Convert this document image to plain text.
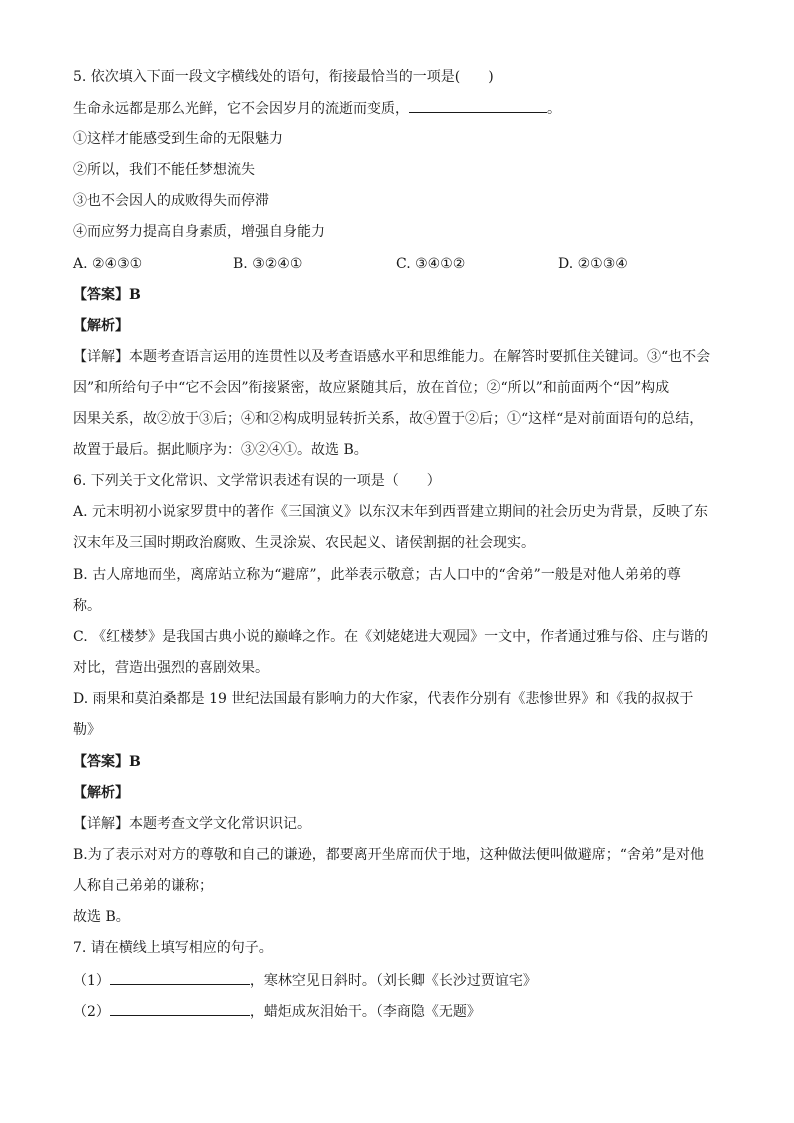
5. 依次填入下面一段文字横线处的语句，衔接最恰当的一项是(　　)
生命永远都是那么光鲜，它不会因岁月的流逝而变质，	。
①这样才能感受到生命的无限魅力
②所以，我们不能任梦想流失
③也不会因人的成败得失而停滞
④而应努力提高自身素质，增强自身能力
A. ②④③①	B. ③②④①	C. ③④①②	D. ②①③④
【答案】B
【解析】
【详解】本题考查语言运用的连贯性以及考查语感水平和思维能力。在解答时要抓住关键词。③“也不会
因”和所给句子中“它不会因”衔接紧密，故应紧随其后，放在首位；②“所以”和前面两个“因”构成
因果关系，故②放于③后；④和②构成明显转折关系，故④置于②后；①“这样“是对前面语句的总结，
故置于最后。据此顺序为：③②④①。故选 B。
6. 下列关于文化常识、文学常识表述有误的一项是（　　）
A. 元末明初小说家罗贯中的著作《三国演义》以东汉末年到西晋建立期间的社会历史为背景，反映了东
汉末年及三国时期政治腐败、生灵涂炭、农民起义、诸侯割据的社会现实。
B. 古人席地而坐，离席站立称为“避席”，此举表示敬意；古人口中的“舍弟”一般是对他人弟弟的尊
称。
C. 《红楼梦》是我国古典小说的巅峰之作。在《刘姥姥进大观园》一文中，作者通过雅与俗、庄与谐的
对比，营造出强烈的喜剧效果。
D. 雨果和莫泊桑都是 19 世纪法国最有影响力的大作家，代表作分别有《悲惨世界》和《我的叔叔于
勒》
【答案】B
【解析】
【详解】本题考查文学文化常识识记。
B.为了表示对对方的尊敬和自己的谦逊，都要离开坐席而伏于地，这种做法便叫做避席；“舍弟”是对他
人称自己弟弟的谦称；
故选 B。
7. 请在横线上填写相应的句子。
（1）	，寒林空见日斜时。（刘长卿《长沙过贾谊宅》
（2）	，蜡炬成灰泪始干。（李商隐《无题》
